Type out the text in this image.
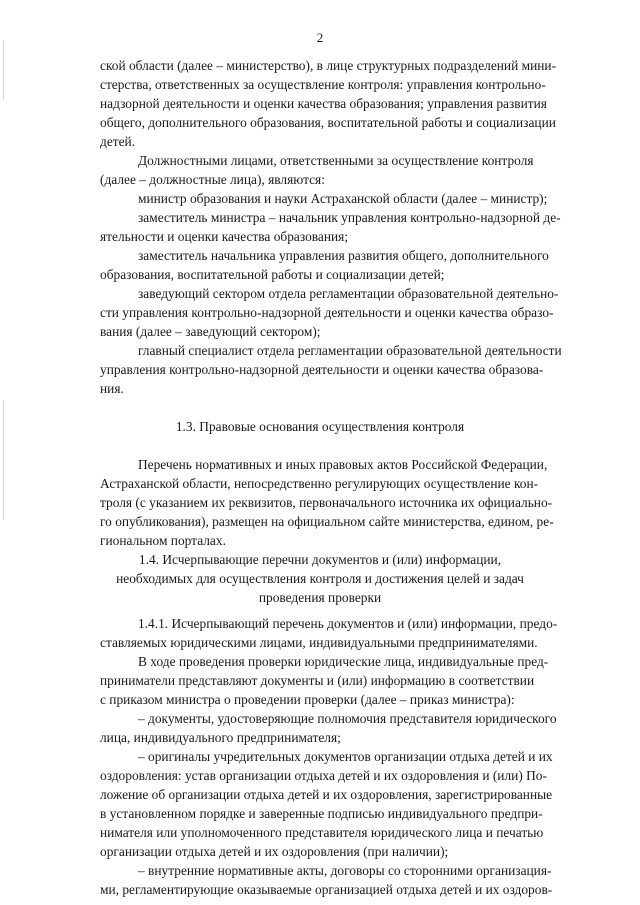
2
ской области (далее – министерство), в лице структурных подразделений мини-
стерства, ответственных за осуществление контроля: управления контрольно-
надзорной деятельности и оценки качества образования; управления развития
общего, дополнительного образования, воспитательной работы и социализации
детей.
Должностными лицами, ответственными за осуществление контроля
(далее – должностные лица), являются:
министр образования и науки Астраханской области (далее – министр);
заместитель министра – начальник управления контрольно-надзорной де-
ятельности и оценки качества образования;
заместитель начальника управления развития общего, дополнительного
образования, воспитательной работы и социализации детей;
заведующий сектором отдела регламентации образовательной деятельно-
сти управления контрольно-надзорной деятельности и оценки качества образо-
вания (далее – заведующий сектором);
главный специалист отдела регламентации образовательной деятельности
управления контрольно-надзорной деятельности и оценки качества образова-
ния.
1.3. Правовые основания осуществления контроля
Перечень нормативных и иных правовых актов Российской Федерации,
Астраханской области, непосредственно регулирующих осуществление кон-
троля (с указанием их реквизитов, первоначального источника их официально-
го опубликования), размещен на официальном сайте министерства, едином, ре-
гиональном порталах.
1.4. Исчерпывающие перечни документов и (или) информации,
необходимых для осуществления контроля и достижения целей и задач
проведения проверки
1.4.1. Исчерпывающий перечень документов и (или) информации, предо-
ставляемых юридическими лицами, индивидуальными предпринимателями.
В ходе проведения проверки юридические лица, индивидуальные пред-
приниматели представляют документы и (или) информацию в соответствии
с приказом министра о проведении проверки (далее – приказ министра):
– документы, удостоверяющие полномочия представителя юридического
лица, индивидуального предпринимателя;
– оригиналы учредительных документов организации отдыха детей и их
оздоровления: устав организации отдыха детей и их оздоровления и (или) По-
ложение об организации отдыха детей и их оздоровления, зарегистрированные
в установленном порядке и заверенные подписью индивидуального предпри-
нимателя или уполномоченного представителя юридического лица и печатью
организации отдыха детей и их оздоровления (при наличии);
– внутренние нормативные акты, договоры со сторонними организация-
ми, регламентирующие оказываемые организацией отдыха детей и их оздоров-
